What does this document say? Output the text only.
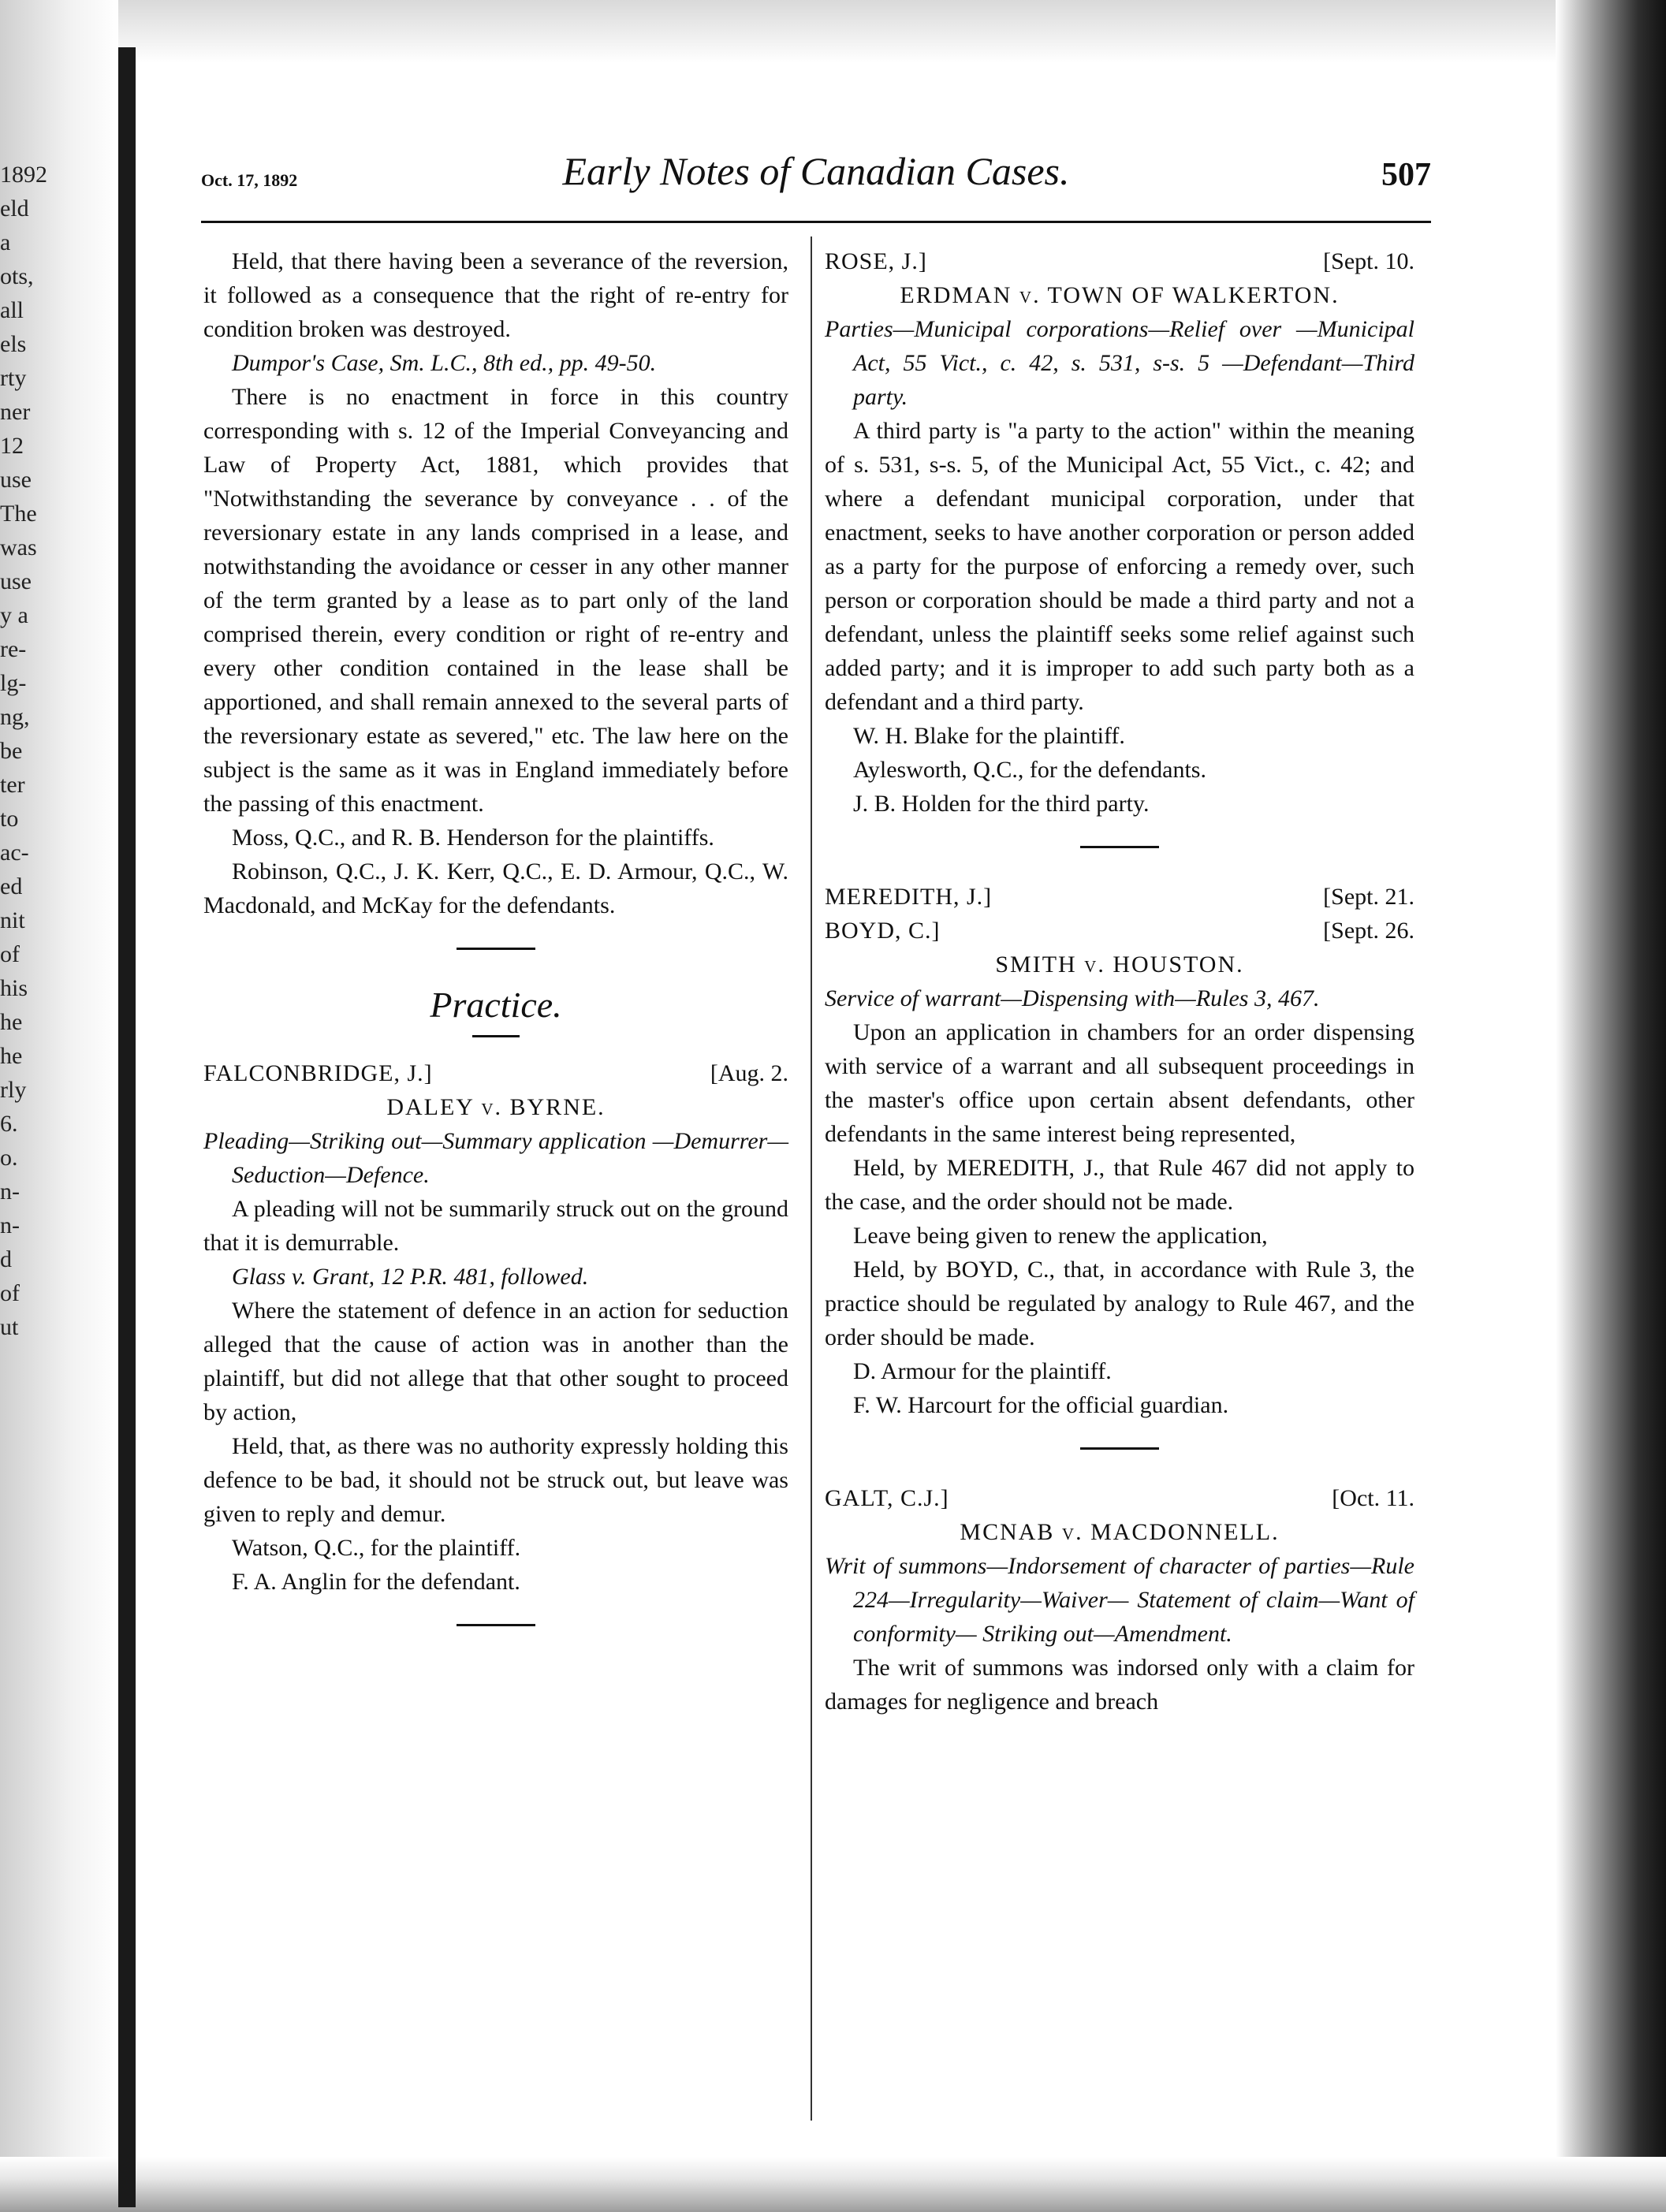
1892
eld
a
ots,
all
els
rty
ner
12
use
The
was
use
y a
re-
lg-
ng,
be
ter
to
ac-
ed
nit
of
his
he
he
rly
6.
o.
n-
n-
d
of
ut
Oct. 17, 1892	Early Notes of Canadian Cases.	507

Held, that there having been a severance of the reversion, it followed as a consequence that the right of re-entry for condition broken was destroyed.

Dumpor's Case, Sm. L.C., 8th ed., pp. 49-50.

There is no enactment in force in this country corresponding with s. 12 of the Imperial Conveyancing and Law of Property Act, 1881, which provides that "Notwithstanding the severance by conveyance . . of the reversionary estate in any lands comprised in a lease, and notwithstanding the avoidance or cesser in any other manner of the term granted by a lease as to part only of the land comprised therein, every condition or right of re-entry and every other condition contained in the lease shall be apportioned, and shall remain annexed to the several parts of the reversionary estate as severed," etc. The law here on the subject is the same as it was in England immediately before the passing of this enactment.

Moss, Q.C., and R. B. Henderson for the plaintiffs.

Robinson, Q.C., J. K. Kerr, Q.C., E. D. Armour, Q.C., W. Macdonald, and McKay for the defendants.

Practice.
FALCONBRIDGE, J.]	[Aug. 2.

DALEY v. BYRNE.

Pleading—Striking out—Summary application —Demurrer—Seduction—Defence.

A pleading will not be summarily struck out on the ground that it is demurrable.

Glass v. Grant, 12 P.R. 481, followed.

Where the statement of defence in an action for seduction alleged that the cause of action was in another than the plaintiff, but did not allege that that other sought to proceed by action,

Held, that, as there was no authority expressly holding this defence to be bad, it should not be struck out, but leave was given to reply and demur.

Watson, Q.C., for the plaintiff.

F. A. Anglin for the defendant.

ROSE, J.]	[Sept. 10.

ERDMAN v. TOWN OF WALKERTON.

Parties—Municipal corporations—Relief over —Municipal Act, 55 Vict., c. 42, s. 531, s-s. 5 —Defendant—Third party.

A third party is "a party to the action" within the meaning of s. 531, s-s. 5, of the Municipal Act, 55 Vict., c. 42; and where a defendant municipal corporation, under that enactment, seeks to have another corporation or person added as a party for the purpose of enforcing a remedy over, such person or corporation should be made a third party and not a defendant, unless the plaintiff seeks some relief against such added party; and it is improper to add such party both as a defendant and a third party.

W. H. Blake for the plaintiff.

Aylesworth, Q.C., for the defendants.

J. B. Holden for the third party.

MEREDITH, J.]	[Sept. 21.
BOYD, C.]	[Sept. 26.

SMITH v. HOUSTON.

Service of warrant—Dispensing with—Rules 3, 467.

Upon an application in chambers for an order dispensing with service of a warrant and all subsequent proceedings in the master's office upon certain absent defendants, other defendants in the same interest being represented,

Held, by MEREDITH, J., that Rule 467 did not apply to the case, and the order should not be made.

Leave being given to renew the application,

Held, by BOYD, C., that, in accordance with Rule 3, the practice should be regulated by analogy to Rule 467, and the order should be made.

D. Armour for the plaintiff.

F. W. Harcourt for the official guardian.

GALT, C.J.]	[Oct. 11.

MCNAB v. MACDONNELL.

Writ of summons—Indorsement of character of parties—Rule 224—Irregularity—Waiver— Statement of claim—Want of conformity— Striking out—Amendment.

The writ of summons was indorsed only with a claim for damages for negligence and breach
